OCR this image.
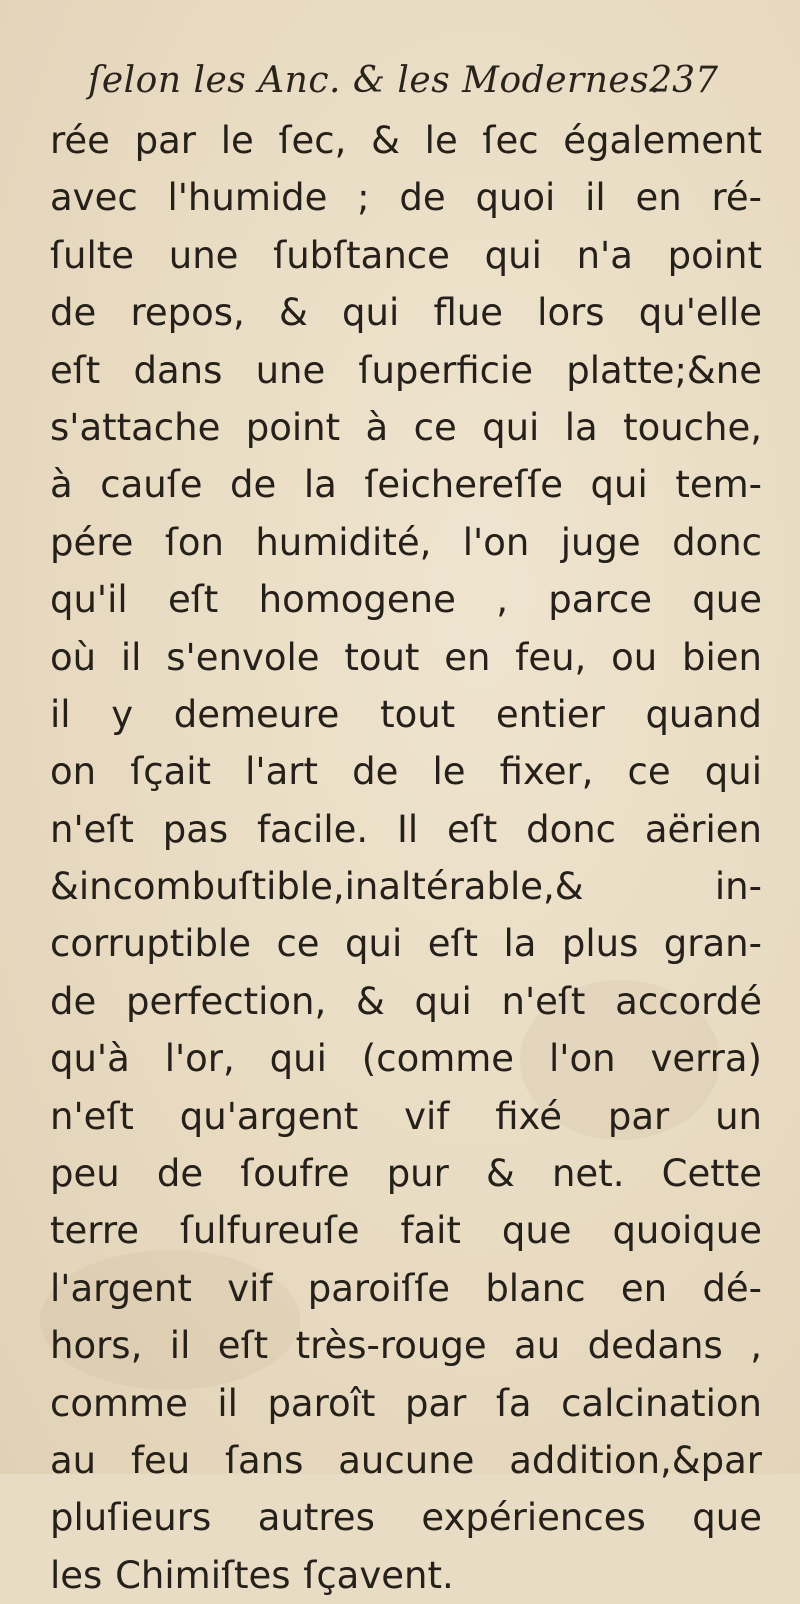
ſelon les Anc. & les Modernes.
237
rée par le ſec, & le ſec également
avec l'humide ; de quoi il en ré-
ſulte une ſubſtance qui n'a point
de repos, & qui flue lors qu'elle
eſt dans une ſuperficie platte;&ne
s'attache point à ce qui la touche,
à cauſe de la ſeichereſſe qui tem-
pére ſon humidité, l'on juge donc
qu'il eſt homogene , parce que
où il s'envole tout en feu, ou bien
il y demeure tout entier quand
on ſçait l'art de le fixer, ce qui
n'eſt pas facile. Il eſt donc aërien
&incombuſtible,inaltérable,& in-
corruptible ce qui eſt la plus gran-
de perfection, & qui n'eſt accordé
qu'à l'or, qui (comme l'on verra)
n'eſt qu'argent vif fixé par un
peu de ſoufre pur & net. Cette
terre ſulfureuſe fait que quoique
l'argent vif paroiſſe blanc en dé-
hors, il eſt très-rouge au dedans ,
comme il paroît par ſa calcination
au feu ſans aucune addition,&par
pluſieurs autres expériences que
les Chimiſtes ſçavent.
